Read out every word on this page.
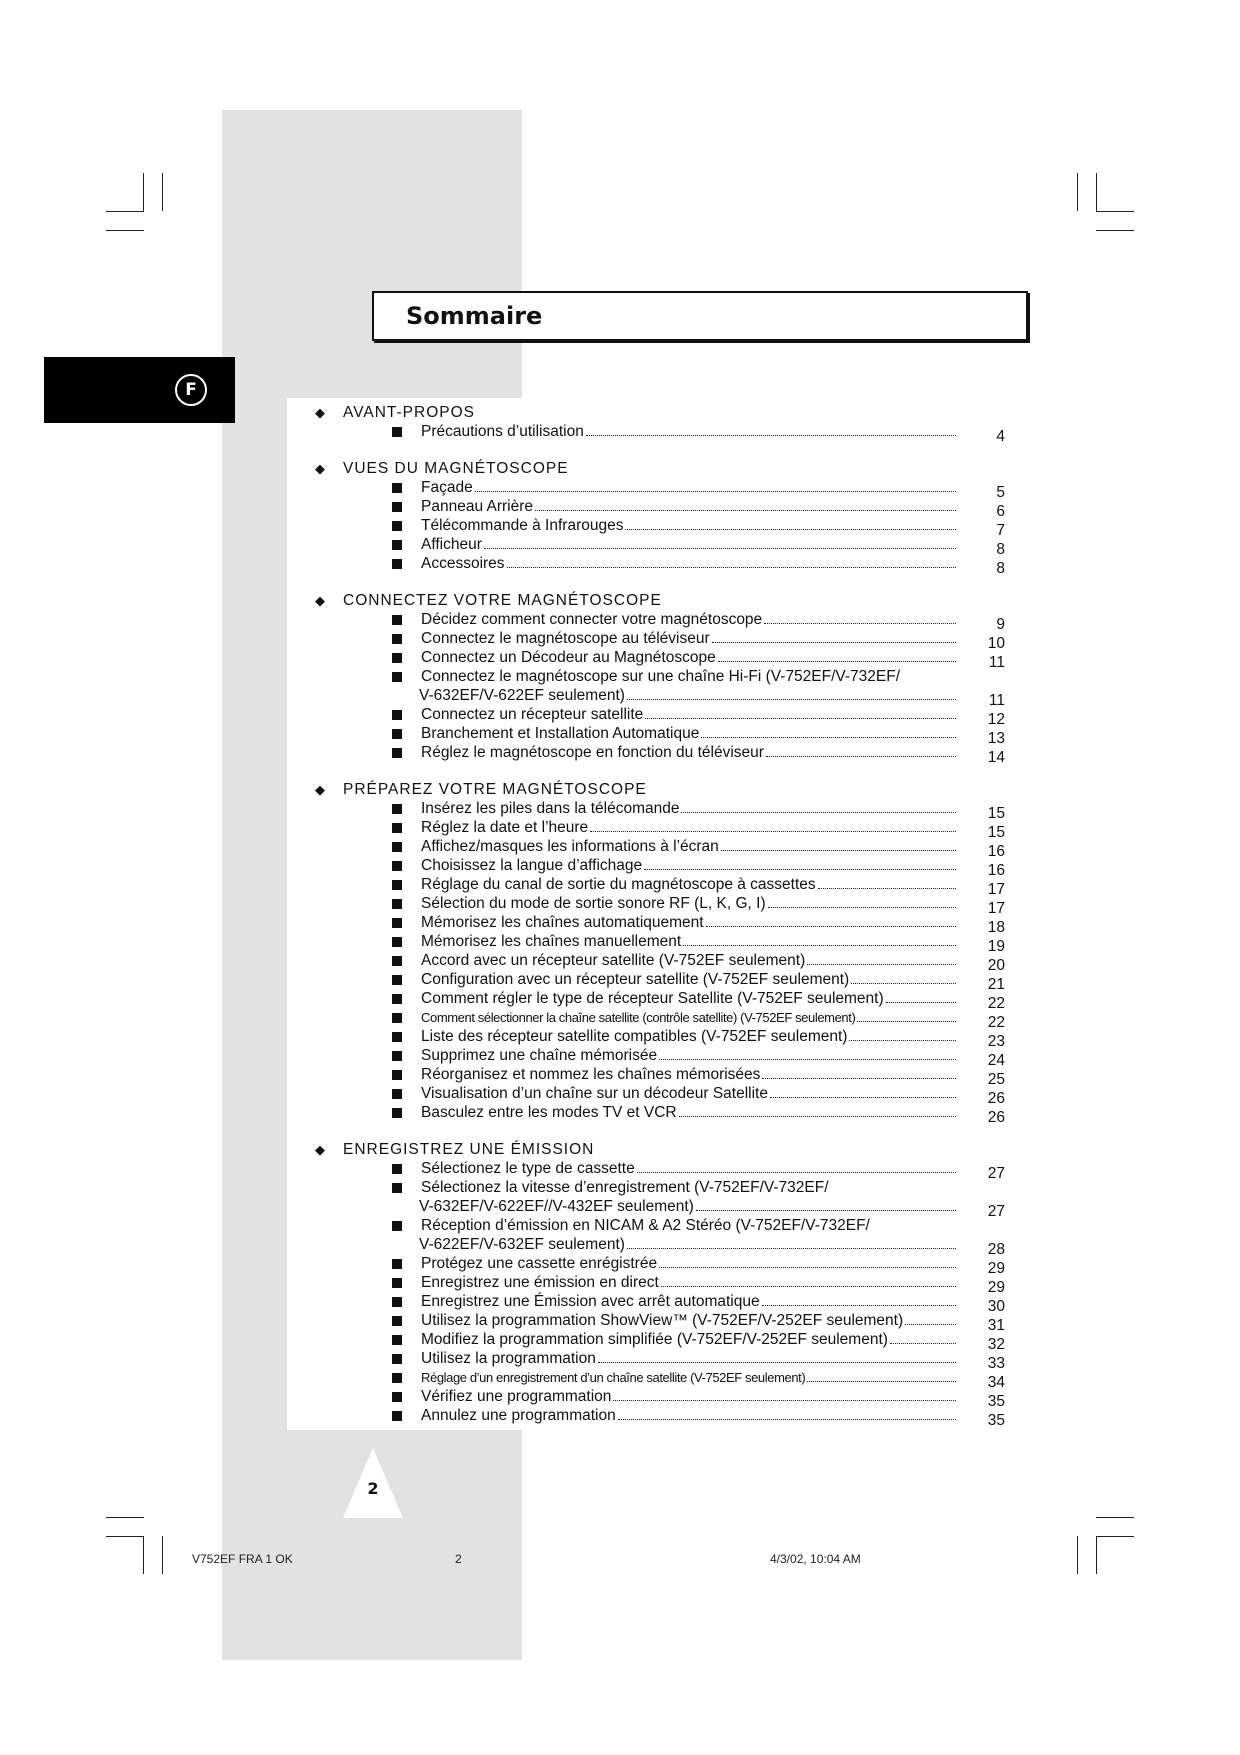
F
Sommaire
◆ AVANT-PROPOS
Précautions d’utilisation	4
◆ VUES DU MAGNÉTOSCOPE
Façade	5
Panneau Arrière	6
Télécommande à Infrarouges	7
Afficheur	8
Accessoires	8
◆ CONNECTEZ VOTRE MAGNÉTOSCOPE
Décidez comment connecter votre magnétoscope	9
Connectez le magnétoscope au téléviseur	10
Connectez un Décodeur au Magnétoscope	11
Connectez le magnétoscope sur une chaîne Hi-Fi (V-752EF/V-732EF/
V-632EF/V-622EF seulement)	11
Connectez un récepteur satellite	12
Branchement et Installation Automatique	13
Réglez le magnétoscope en fonction du téléviseur	14
◆ PRÉPAREZ VOTRE MAGNÉTOSCOPE
Insérez les piles dans la télécomande	15
Réglez la date et l’heure	15
Affichez/masques les informations à l’écran	16
Choisissez la langue d’affichage	16
Réglage du canal de sortie du magnétoscope à cassettes	17
Sélection du mode de sortie sonore RF (L, K, G, I)	17
Mémorisez les chaînes automatiquement	18
Mémorisez les chaînes manuellement	19
Accord avec un récepteur satellite (V-752EF seulement)	20
Configuration avec un récepteur satellite (V-752EF seulement)	21
Comment régler le type de récepteur Satellite (V-752EF seulement)	22
Comment sélectionner la chaîne satellite (contrôle satellite) (V-752EF seulement)	22
Liste des récepteur satellite compatibles (V-752EF seulement)	23
Supprimez une chaîne mémorisée	24
Réorganisez et nommez les chaînes mémorisées	25
Visualisation d’un chaîne sur un décodeur Satellite	26
Basculez entre les modes TV et VCR	26
◆ ENREGISTREZ UNE ÉMISSION
Sélectionez le type de cassette	27
Sélectionez la vitesse d’enregistrement (V-752EF/V-732EF/
V-632EF/V-622EF//V-432EF seulement)	27
Réception d’émission en NICAM & A2 Stéréo (V-752EF/V-732EF/
V-622EF/V-632EF seulement)	28
Protégez une cassette enrégistrée	29
Enregistrez une émission en direct	29
Enregistrez une Émission avec arrêt automatique	30
Utilisez la programmation ShowView™ (V-752EF/V-252EF seulement)	31
Modifiez la programmation simplifiée (V-752EF/V-252EF seulement)	32
Utilisez la programmation	33
Réglage d’un enregistrement d’un chaîne satellite (V-752EF seulement)	34
Vérifiez une programmation	35
Annulez une programmation	35
2
V752EF FRA 1 OK	2	4/3/02, 10:04 AM
